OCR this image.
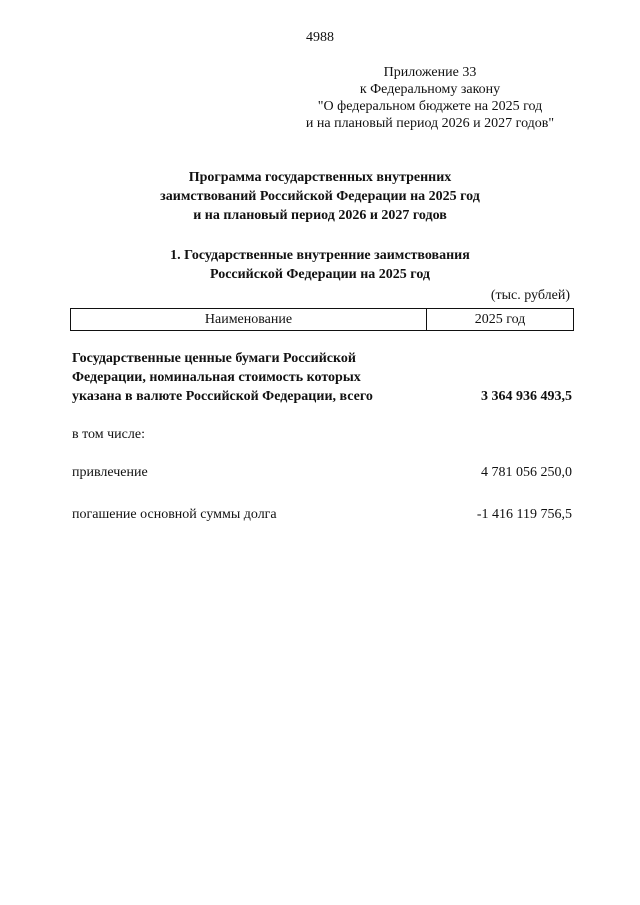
4988
Приложение 33
к Федеральному закону
"О федеральном бюджете на 2025 год
и на плановый период 2026 и 2027 годов"
Программа государственных внутренних
заимствований Российской Федерации на 2025 год
и на плановый период 2026 и 2027 годов
1. Государственные внутренние заимствования
Российской Федерации на 2025 год
(тыс. рублей)
Наименование	2025 год
Государственные ценные бумаги Российской
Федерации, номинальная стоимость которых
указана в валюте Российской Федерации, всего	3 364 936 493,5
в том числе:
привлечение	4 781 056 250,0
погашение основной суммы долга	-1 416 119 756,5
